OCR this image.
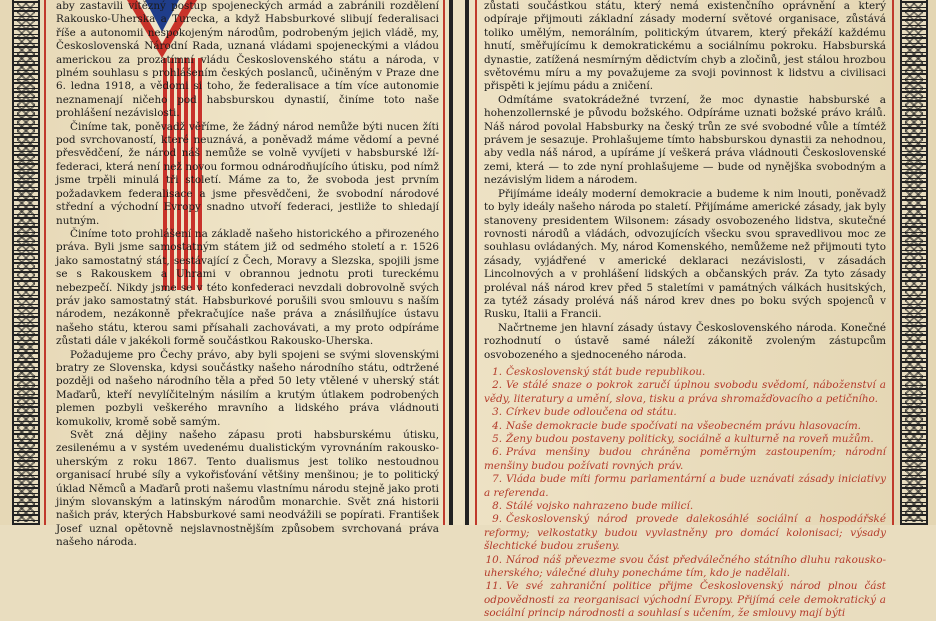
aby zastavili vítězný postup spojeneckých armád a zabránili rozdělení Rakousko-Uherska a Turecka, a když Habsburkové slibují federalisaci říše a autonomii nespokojeným národům, podrobeným jejich vládě, my, Československá Národní Rada, uznaná vládami spojeneckými a vládou americkou za prozatímní vládu Československého státu a národa, v plném souhlasu s prohlášením českých poslanců, učiněným v Praze dne 6. ledna 1918, a vědomi si toho, že federalisace a tím více autonomie neznamenají ničeho pod habsburskou dynastií, činíme toto naše prohlášení nezávislosti.

Činíme tak, poněvadž věříme, že žádný národ nemůže býti nucen žíti pod svrchovaností, které neuznává, a poněvadž máme vědomí a pevné přesvědčení, že národ náš nemůže se volně vyvíjeti v habsburské lží-federaci, která není než novou formou odnárodňujícího útisku, pod nímž jsme trpěli minulá tři století. Máme za to, že svoboda jest prvním požadavkem federalisace a jsme přesvědčeni, že svobodní národové střední a východní Evropy snadno utvoří federaci, jestliže to shledají nutným.

Činíme toto prohlášení na základě našeho historického a přirozeného práva. Byli jsme samostatným státem již od sedmého století a r. 1526 jako samostatný stát, sestávající z Čech, Moravy a Slezska, spojili jsme se s Rakouskem a Uhrami v obrannou jednotu proti tureckému nebezpečí. Nikdy jsme se v této konfederaci nevzdali dobrovolně svých práv jako samostatný stát. Habsburkové porušili svou smlouvu s naším národem, nezákonně překračujíce naše práva a znásilňujíce ústavu našeho státu, kterou sami přísahali zachovávati, a my proto odpíráme zůstati dále v jakékoli formě součástkou Rakousko-Uherska.

Požadujeme pro Čechy právo, aby byli spojeni se svými slovenskými bratry ze Slovenska, kdysi součástky našeho národního státu, odtržené později od našeho národního těla a před 50 lety vtělené v uherský stát Maďarů, kteří nevylíčitelným násilím a krutým útlakem podrobených plemen pozbyli veškerého mravního a lidského práva vládnouti komukoliv, kromě sobě samým.

Svět zná dějiny našeho zápasu proti habsburskému útisku, zesilenému a v systém uvedenému dualistickým vyrovnáním rakousko-uherským z roku 1867. Tento dualismus jest toliko nestoudnou organisací hrubé síly a vykořisťování většiny menšinou; je to politický úklad Němců a Maďarů proti našemu vlastnímu národu stejně jako proti jiným slovanským a latinským národům monarchie. Svět zná historii našich práv, kterých Habsburkové sami neodvážili se popírati. František Josef uznal opětovně nejslavnostnějším způsobem svrchovaná práva našeho národa.

zůstati součástkou státu, který nemá existenčního oprávnění a který odpíraje přijmouti základní zásady moderní světové organisace, zůstává toliko umělým, nemorálním, politickým útvarem, který překáží každému hnutí, směřujícímu k demokratickému a sociálnímu pokroku. Habsburská dynastie, zatížená nesmírným dědictvím chyb a zločinů, jest stálou hrozbou světovému míru a my považujeme za svoji povinnost k lidstvu a civilisaci přispěti k jejímu pádu a zničení.

Odmítáme svatokrádežné tvrzení, že moc dynastie habsburské a hohenzollernské je původu božského. Odpíráme uznati božské právo králů. Náš národ povolal Habsburky na český trůn ze své svobodné vůle a tímtéž právem je sesazuje. Prohlašujeme tímto habsburskou dynastii za nehodnou, aby vedla náš národ, a upíráme jí veškerá práva vládnouti Československé zemi, která — to zde nyní prohlašujeme — bude od nynějška svobodným a nezávislým lidem a národem.

Přijímáme ideály moderní demokracie a budeme k nim lnouti, poněvadž to byly ideály našeho národa po staletí. Přijímáme americké zásady, jak byly stanoveny presidentem Wilsonem: zásady osvobozeného lidstva, skutečné rovnosti národů a vládách, odvozujících všecku svou spravedlivou moc ze souhlasu ovládaných. My, národ Komenského, nemůžeme než přijmouti tyto zásady, vyjádřené v americké deklaraci nezávislosti, v zásadách Lincolnových a v prohlášení lidských a občanských práv. Za tyto zásady proléval náš národ krev před 5 staletími v památných válkách husitských, za tytéž zásady prolévá náš národ krev dnes po boku svých spojenců v Rusku, Italii a Francii.

Načrtneme jen hlavní zásady ústavy Československého národa. Konečné rozhodnutí o ústavě samé náleží zákonitě zvoleným zástupcům osvobozeného a sjednoceného národa.

1. Československý stát bude republikou.

2. Ve stálé snaze o pokrok zaručí úplnou svobodu svědomí, náboženství a vědy, literatury a umění, slova, tisku a práva shromažďovacího a petičního.

3. Církev bude odloučena od státu.

4. Naše demokracie bude spočívati na všeobecném právu hlasovacím.

5. Ženy budou postaveny politicky, sociálně a kulturně na roveň mužům.

6. Práva menšiny budou chráněna poměrným zastoupením; národní menšiny budou požívati rovných práv.

7. Vláda bude míti formu parlamentární a bude uznávati zásady iniciativy a referenda.

8. Stálé vojsko nahrazeno bude milicí.

9. Československý národ provede dalekosáhlé sociální a hospodářské reformy; velkostatky budou vyvlastněny pro domácí kolonisaci; výsady šlechtické budou zrušeny.

10. Národ náš převezme svou část předválečného státního dluhu rakousko-uherského; válečné dluhy ponecháme tím, kdo je nadělali.

11. Ve své zahraniční politice přijme Československý národ plnou část odpovědnosti za reorganisaci východní Evropy. Přijímá cele demokratický a sociální princip národnosti a souhlasí s učením, že smlouvy mají býti
